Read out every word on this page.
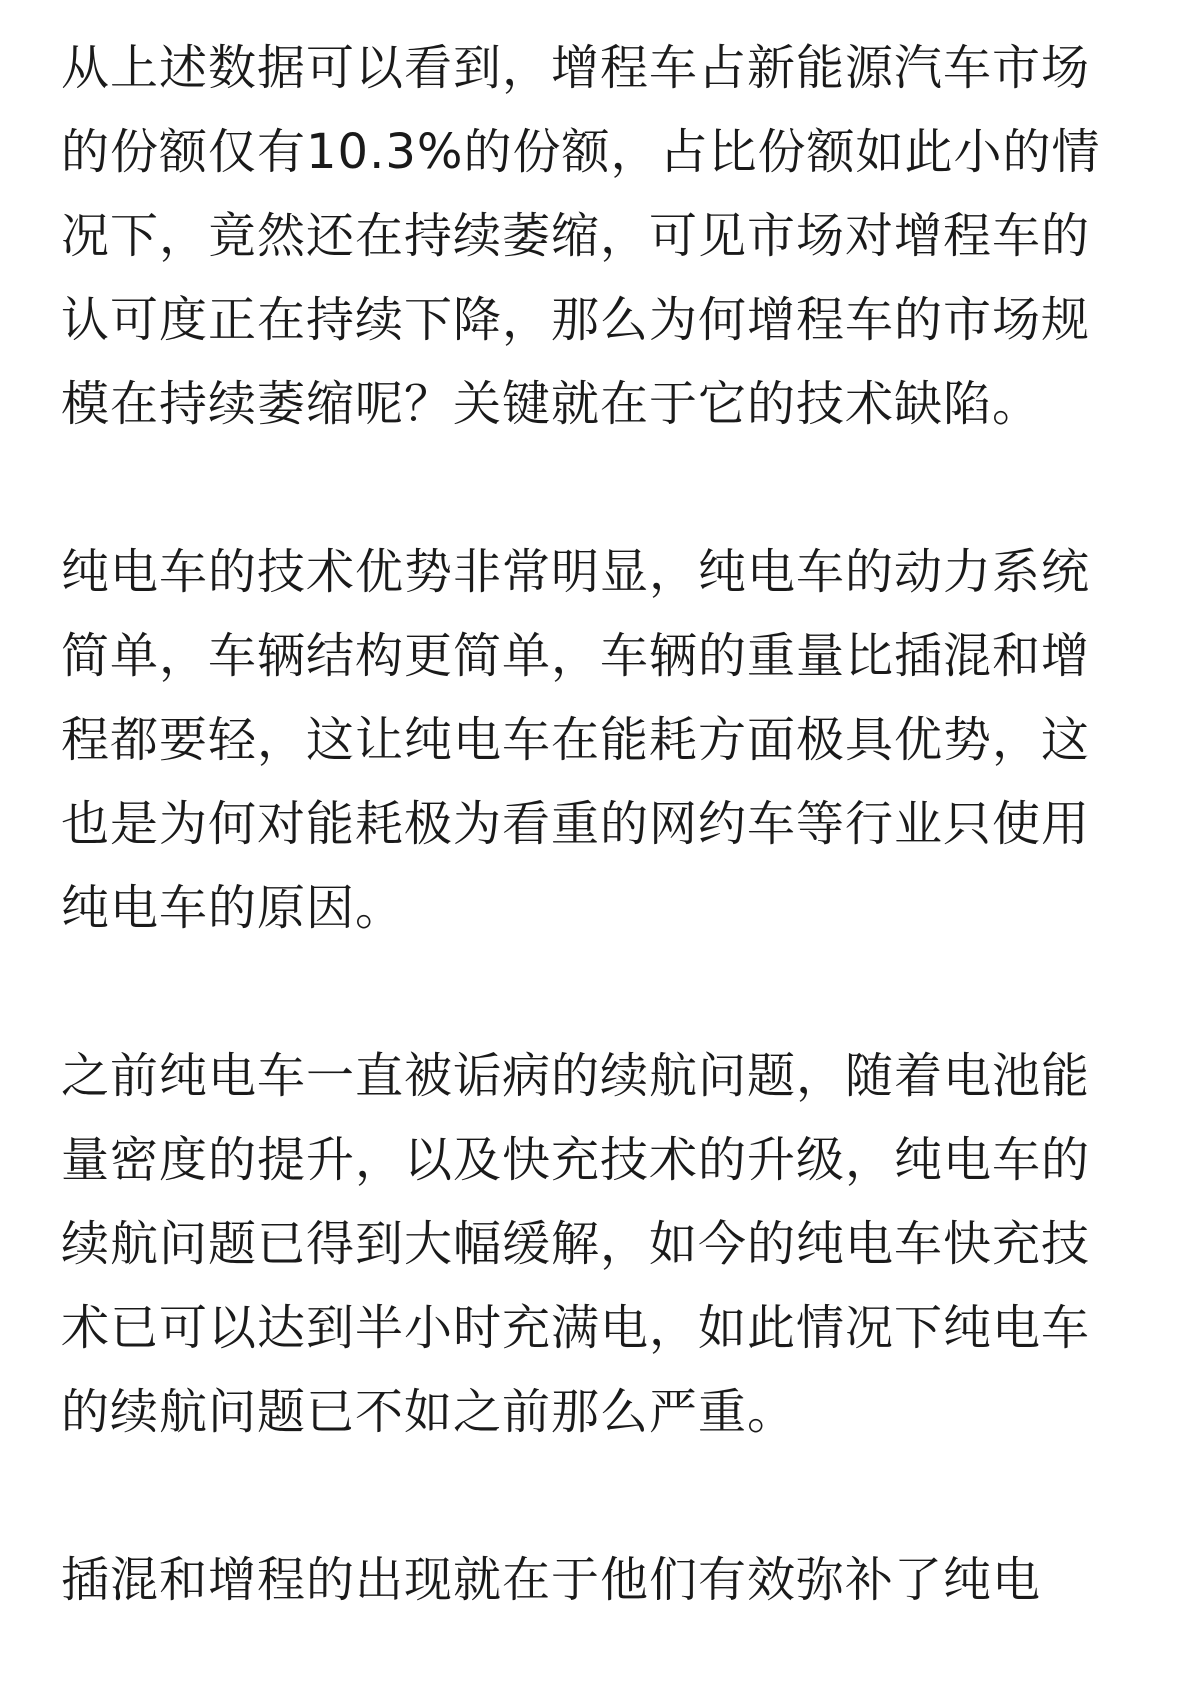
从上述数据可以看到，增程车占新能源汽车市场的份额仅有10.3%的份额，占比份额如此小的情况下，竟然还在持续萎缩，可见市场对增程车的认可度正在持续下降，那么为何增程车的市场规模在持续萎缩呢？关键就在于它的技术缺陷。

纯电车的技术优势非常明显，纯电车的动力系统简单，车辆结构更简单，车辆的重量比插混和增程都要轻，这让纯电车在能耗方面极具优势，这也是为何对能耗极为看重的网约车等行业只使用纯电车的原因。

之前纯电车一直被诟病的续航问题，随着电池能量密度的提升，以及快充技术的升级，纯电车的续航问题已得到大幅缓解，如今的纯电车快充技术已可以达到半小时充满电，如此情况下纯电车的续航问题已不如之前那么严重。

插混和增程的出现就在于他们有效弥补了纯电
